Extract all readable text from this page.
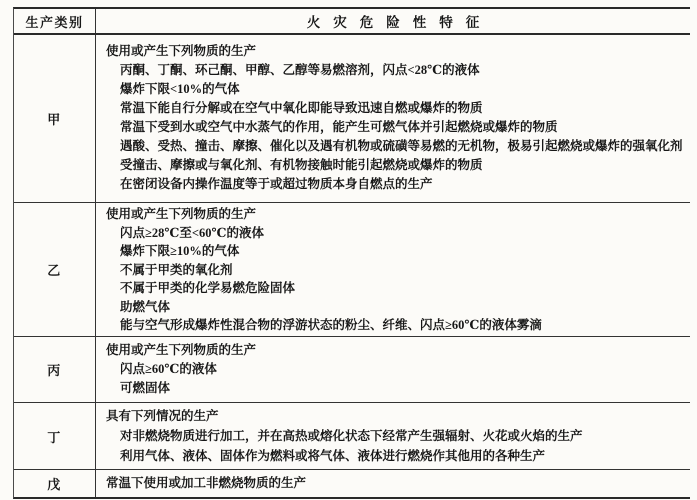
生产类别	火灾危险性特征
甲
使用或产生下列物质的生产
丙酮、丁酮、环己酮、甲醇、乙醇等易燃溶剂，闪点<28℃的液体
爆炸下限<10%的气体
常温下能自行分解或在空气中氧化即能导致迅速自燃或爆炸的物质
常温下受到水或空气中水蒸气的作用，能产生可燃气体并引起燃烧或爆炸的物质
遇酸、受热、撞击、摩擦、催化以及遇有机物或硫磺等易燃的无机物，极易引起燃烧或爆炸的强氧化剂
受撞击、摩擦或与氧化剂、有机物接触时能引起燃烧或爆炸的物质
在密闭设备内操作温度等于或超过物质本身自燃点的生产
乙
使用或产生下列物质的生产
闪点≥28℃至<60℃的液体
爆炸下限≥10%的气体
不属于甲类的氧化剂
不属于甲类的化学易燃危险固体
助燃气体
能与空气形成爆炸性混合物的浮游状态的粉尘、纤维、闪点≥60℃的液体雾滴
丙
使用或产生下列物质的生产
闪点≥60℃的液体
可燃固体
丁
具有下列情况的生产
对非燃烧物质进行加工，并在高热或熔化状态下经常产生强辐射、火花或火焰的生产
利用气体、液体、固体作为燃料或将气体、液体进行燃烧作其他用的各种生产
戊	常温下使用或加工非燃烧物质的生产
